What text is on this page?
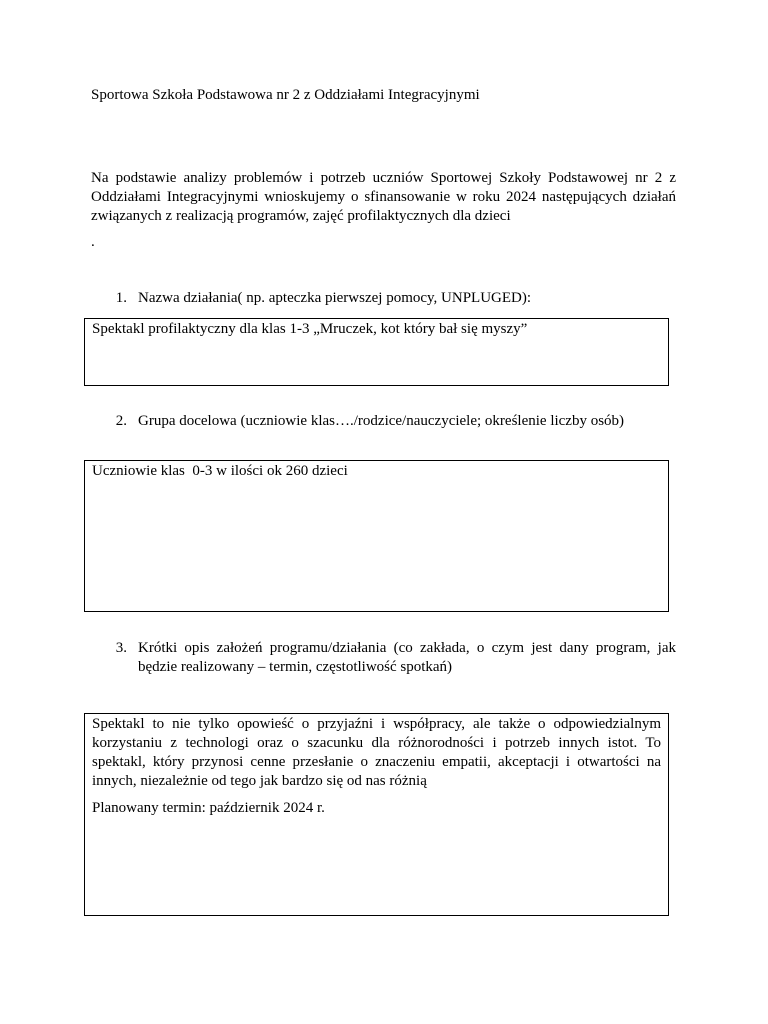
Sportowa Szkoła Podstawowa nr 2 z Oddziałami Integracyjnymi
Na podstawie analizy problemów i potrzeb uczniów Sportowej Szkoły Podstawowej nr 2 z Oddziałami Integracyjnymi wnioskujemy o sfinansowanie w roku 2024 następujących działań związanych z realizacją programów, zajęć profilaktycznych dla dzieci
.
1. Nazwa działania( np. apteczka pierwszej pomocy, UNPLUGED):
Spektakl profilaktyczny dla klas 1-3 „Mruczek, kot który bał się myszy”
2. Grupa docelowa (uczniowie klas…./rodzice/nauczyciele; określenie liczby osób)
Uczniowie klas  0-3 w ilości ok 260 dzieci
3. Krótki opis założeń programu/działania (co zakłada, o czym jest dany program, jak będzie realizowany – termin, częstotliwość spotkań)
Spektakl to nie tylko opowieść o przyjaźni i współpracy, ale także o odpowiedzialnym korzystaniu z technologi oraz o szacunku dla różnorodności i potrzeb innych istot. To spektakl, który przynosi cenne przesłanie o znaczeniu empatii, akceptacji i otwartości na innych, niezależnie od tego jak bardzo się od nas różnią
Planowany termin: październik 2024 r.
